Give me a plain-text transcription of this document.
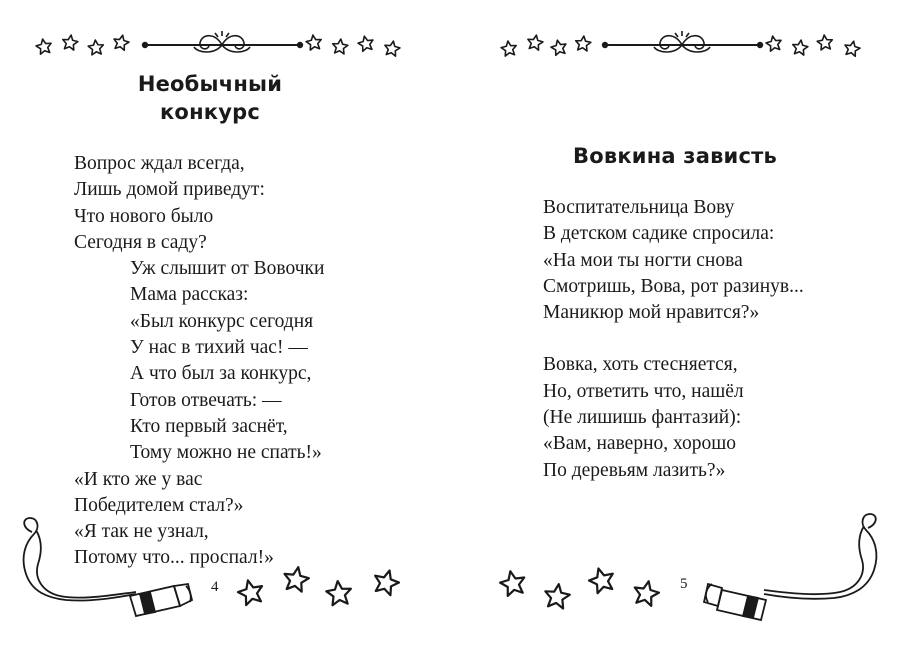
Необычный
конкурс
Вопрос ждал всегда,
Лишь домой приведут:
Что нового было
Сегодня в саду?
Уж слышит от Вовочки
Мама рассказ:
«Был конкурс сегодня
У нас в тихий час! —
А что был за конкурс,
Готов отвечать: —
Кто первый заснёт,
Тому можно не спать!»
«И кто же у вас
Победителем стал?»
«Я так не узнал,
Потому что... проспал!»
4
Вовкина зависть
Воспитательница Вову
В детском садике спросила:
«На мои ты ногти снова
Смотришь, Вова, рот разинув...
Маникюр мой нравится?»
Вовка, хоть стесняется,
Но, ответить что, нашёл
(Не лишишь фантазий):
«Вам, наверно, хорошо
По деревьям лазить?»
5
